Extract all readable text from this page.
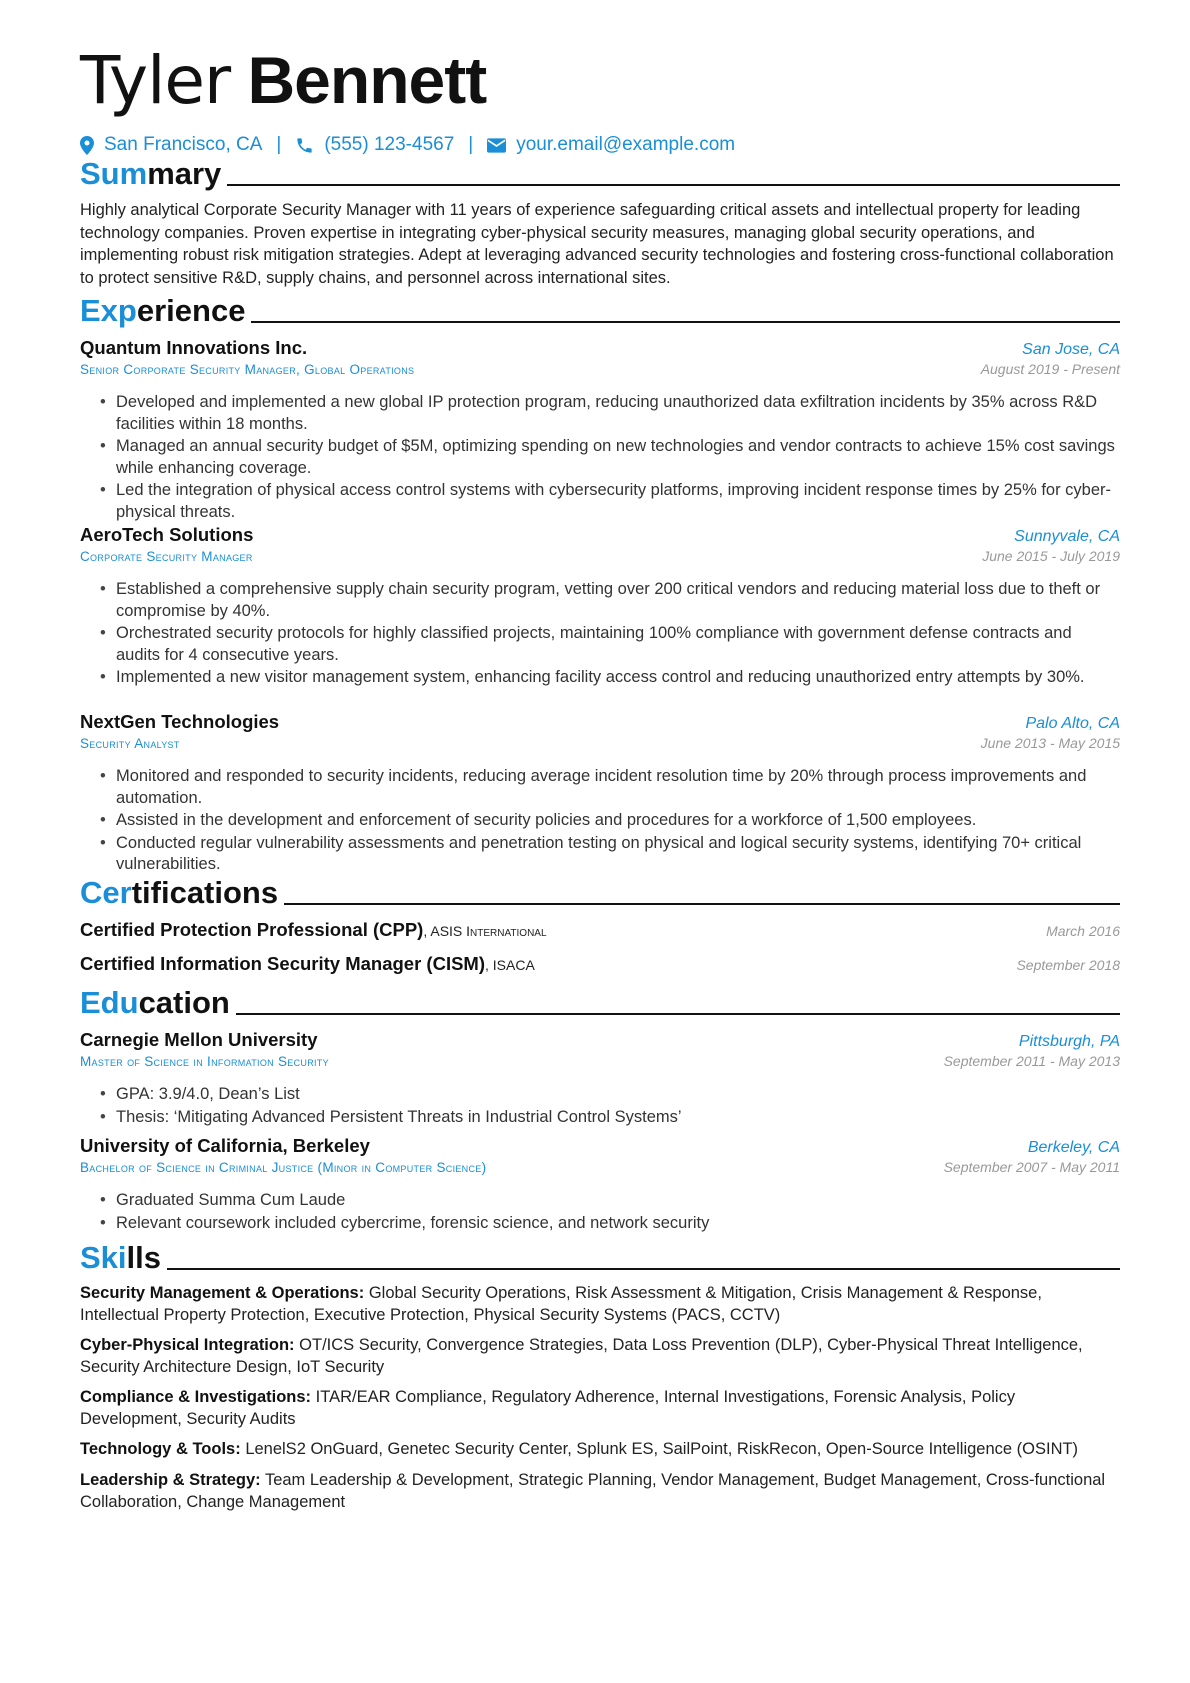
Tyler Bennett
San Francisco, CA | (555) 123-4567 | your.email@example.com
Summary
Highly analytical Corporate Security Manager with 11 years of experience safeguarding critical assets and intellectual property for leading technology companies. Proven expertise in integrating cyber-physical security measures, managing global security operations, and implementing robust risk mitigation strategies. Adept at leveraging advanced security technologies and fostering cross-functional collaboration to protect sensitive R&D, supply chains, and personnel across international sites.
Experience
Quantum Innovations Inc.	San Jose, CA
Senior Corporate Security Manager, Global Operations	August 2019 - Present
• Developed and implemented a new global IP protection program, reducing unauthorized data exfiltration incidents by 35% across R&D facilities within 18 months.
• Managed an annual security budget of $5M, optimizing spending on new technologies and vendor contracts to achieve 15% cost savings while enhancing coverage.
• Led the integration of physical access control systems with cybersecurity platforms, improving incident response times by 25% for cyber-physical threats.
AeroTech Solutions	Sunnyvale, CA
Corporate Security Manager	June 2015 - July 2019
• Established a comprehensive supply chain security program, vetting over 200 critical vendors and reducing material loss due to theft or compromise by 40%.
• Orchestrated security protocols for highly classified projects, maintaining 100% compliance with government defense contracts and audits for 4 consecutive years.
• Implemented a new visitor management system, enhancing facility access control and reducing unauthorized entry attempts by 30%.
NextGen Technologies	Palo Alto, CA
Security Analyst	June 2013 - May 2015
• Monitored and responded to security incidents, reducing average incident resolution time by 20% through process improvements and automation.
• Assisted in the development and enforcement of security policies and procedures for a workforce of 1,500 employees.
• Conducted regular vulnerability assessments and penetration testing on physical and logical security systems, identifying 70+ critical vulnerabilities.
Certifications
Certified Protection Professional (CPP), ASIS International	March 2016
Certified Information Security Manager (CISM), ISACA	September 2018
Education
Carnegie Mellon University	Pittsburgh, PA
Master of Science in Information Security	September 2011 - May 2013
• GPA: 3.9/4.0, Dean’s List
• Thesis: ‘Mitigating Advanced Persistent Threats in Industrial Control Systems’
University of California, Berkeley	Berkeley, CA
Bachelor of Science in Criminal Justice (Minor in Computer Science)	September 2007 - May 2011
• Graduated Summa Cum Laude
• Relevant coursework included cybercrime, forensic science, and network security
Skills
Security Management & Operations: Global Security Operations, Risk Assessment & Mitigation, Crisis Management & Response, Intellectual Property Protection, Executive Protection, Physical Security Systems (PACS, CCTV)
Cyber-Physical Integration: OT/ICS Security, Convergence Strategies, Data Loss Prevention (DLP), Cyber-Physical Threat Intelligence, Security Architecture Design, IoT Security
Compliance & Investigations: ITAR/EAR Compliance, Regulatory Adherence, Internal Investigations, Forensic Analysis, Policy Development, Security Audits
Technology & Tools: LenelS2 OnGuard, Genetec Security Center, Splunk ES, SailPoint, RiskRecon, Open-Source Intelligence (OSINT)
Leadership & Strategy: Team Leadership & Development, Strategic Planning, Vendor Management, Budget Management, Cross-functional Collaboration, Change Management
